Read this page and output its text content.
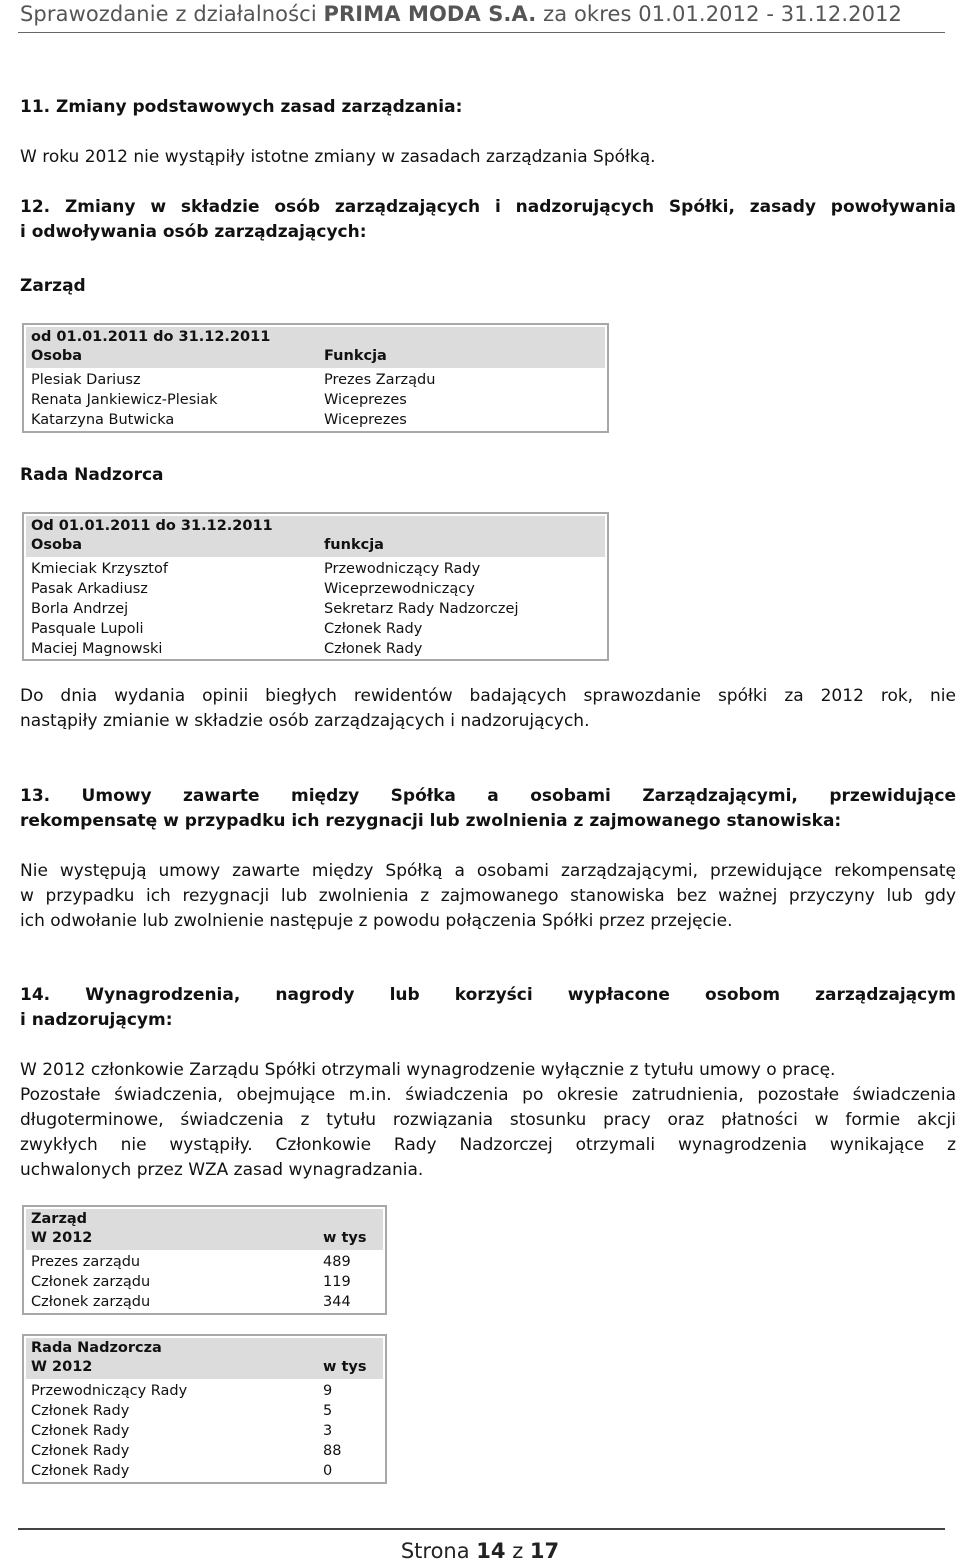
Sprawozdanie z działalności PRIMA MODA S.A. za okres 01.01.2012 - 31.12.2012
11. Zmiany podstawowych zasad zarządzania:
W roku 2012 nie wystąpiły istotne zmiany w zasadach zarządzania Spółką.
12. Zmiany w składzie osób zarządzających i nadzorujących Spółki, zasady powoływania
i odwoływania osób zarządzających:
Zarząd
od 01.01.2011 do 31.12.2011
Osoba	Funkcja
Plesiak Dariusz	Prezes Zarządu
Renata Jankiewicz-Plesiak	Wiceprezes
Katarzyna Butwicka	Wiceprezes
Rada Nadzorca
Od 01.01.2011 do 31.12.2011
Osoba	funkcja
Kmieciak Krzysztof	Przewodniczący Rady
Pasak Arkadiusz	Wiceprzewodniczący
Borla Andrzej	Sekretarz Rady Nadzorczej
Pasquale Lupoli	Członek Rady
Maciej Magnowski	Członek Rady
Do dnia wydania opinii biegłych rewidentów badających sprawozdanie spółki za 2012 rok, nie
nastąpiły zmianie w składzie osób zarządzających i nadzorujących.
13. Umowy zawarte między Spółka a osobami Zarządzającymi, przewidujące
rekompensatę w przypadku ich rezygnacji lub zwolnienia z zajmowanego stanowiska:
Nie występują umowy zawarte między Spółką a osobami zarządzającymi, przewidujące rekompensatę
w przypadku ich rezygnacji lub zwolnienia z zajmowanego stanowiska bez ważnej przyczyny lub gdy
ich odwołanie lub zwolnienie następuje z powodu połączenia Spółki przez przejęcie.
14. Wynagrodzenia, nagrody lub korzyści wypłacone osobom zarządzającym
i nadzorującym:
W 2012 członkowie Zarządu Spółki otrzymali wynagrodzenie wyłącznie z tytułu umowy o pracę.
Pozostałe świadczenia, obejmujące m.in. świadczenia po okresie zatrudnienia, pozostałe świadczenia
długoterminowe, świadczenia z tytułu rozwiązania stosunku pracy oraz płatności w formie akcji
zwykłych nie wystąpiły. Członkowie Rady Nadzorczej otrzymali wynagrodzenia wynikające z
uchwalonych przez WZA zasad wynagradzania.
Zarząd
W 2012	w tys
Prezes zarządu	489
Członek zarządu	119
Członek zarządu	344
Rada Nadzorcza
W 2012	w tys
Przewodniczący Rady	9
Członek Rady	5
Członek Rady	3
Członek Rady	88
Członek Rady	0
Strona 14 z 17
